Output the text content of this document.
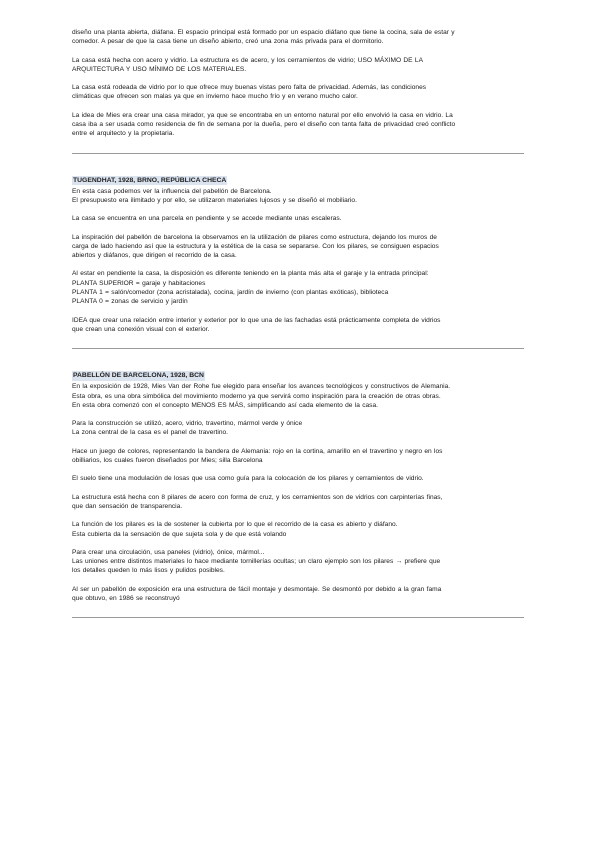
diseño una planta abierta, diáfana. El espacio principal está formado por un espacio diáfano que tiene la cocina, sala de estar y
comedor. A pesar de que la casa tiene un diseño abierto, creó una zona más privada para el dormitorio.

La casa está hecha con acero y vidrio. La estructura es de acero, y los cerramientos de vidrio; USO MÁXIMO DE LA
ARQUITECTURA Y USO MÍNIMO DE LOS MATERIALES.

La casa está rodeada de vidrio por lo que ofrece muy buenas vistas pero falta de privacidad. Además, las condiciones
climáticas que ofrecen son malas ya que en invierno hace mucho frío y en verano mucho calor.

La idea de Mies era crear una casa mirador, ya que se encontraba en un entorno natural por ello envolvió la casa en vidrio. La
casa iba a ser usada como residencia de fin de semana por la dueña, pero el diseño con tanta falta de privacidad creó conflicto
entre el arquitecto y la propietaria.

TUGENDHAT, 1928, BRNO, REPÚBLICA CHECA

En esta casa podemos ver la influencia del pabellón de Barcelona.
El presupuesto era ilimitado y por ello, se utilizaron materiales lujosos y se diseñó el mobiliario.

La casa se encuentra en una parcela en pendiente y se accede mediante unas escaleras.

La inspiración del pabellón de barcelona la observamos en la utilización de pilares como estructura, dejando los muros de
carga de lado haciendo así que la estructura y la estética de la casa se separarse. Con los pilares, se consiguen espacios
abiertos y diáfanos, que dirigen el recorrido de la casa.

Al estar en pendiente la casa, la disposición es diferente teniendo en la planta más alta el garaje y la entrada principal:
PLANTA SUPERIOR = garaje y habitaciones
PLANTA 1 = salón/comedor (zona acristalada), cocina, jardín de invierno (con plantas exóticas), biblioteca
PLANTA 0 = zonas de servicio y jardín

IDEA que crear una relación entre interior y exterior por lo que una de las fachadas está prácticamente completa de vidrios
que crean una conexión visual con el exterior.

PABELLÓN DE BARCELONA, 1928, BCN

En la exposición de 1928, Mies Van der Rohe fue elegido para enseñar los avances tecnológicos y constructivos de Alemania.
Esta obra, es una obra simbólica del movimiento moderno ya que servirá como inspiración para la creación de otras obras.
En esta obra comenzó con el concepto MENOS ES MÁS, simplificando así cada elemento de la casa.

Para la construcción se utilizó, acero, vidrio, travertino, mármol verde y ónice
La zona central de la casa es el panel de travertino.

Hace un juego de colores, representando la bandera de Alemania: rojo en la cortina, amarillo en el travertino y negro en los
obilliarios, los cuales fueron diseñados por Mies; silla Barcelona

El suelo tiene una modulación de losas que usa como guía para la colocación de los pilares y cerramientos de vidrio.

La estructura está hecha con 8 pilares de acero con forma de cruz, y los cerramientos son de vidrios con carpinterías finas,
que dan sensación de transparencia.

La función de los pilares es la de sostener la cubierta por lo que el recorrido de la casa es abierto y diáfano.
Esta cubierta da la sensación de que sujeta sola y de que está volando

Para crear una circulación, usa paneles (vidrio), ónice, mármol...
Las uniones entre distintos materiales lo hace mediante tornillerías ocultas; un claro ejemplo son los pilares → prefiere que
los detalles queden lo más lisos y pulidos posibles.

Al ser un pabellón de exposición era una estructura de fácil montaje y desmontaje. Se desmontó por debido a la gran fama
que obtuvo, en 1986 se reconstruyó
